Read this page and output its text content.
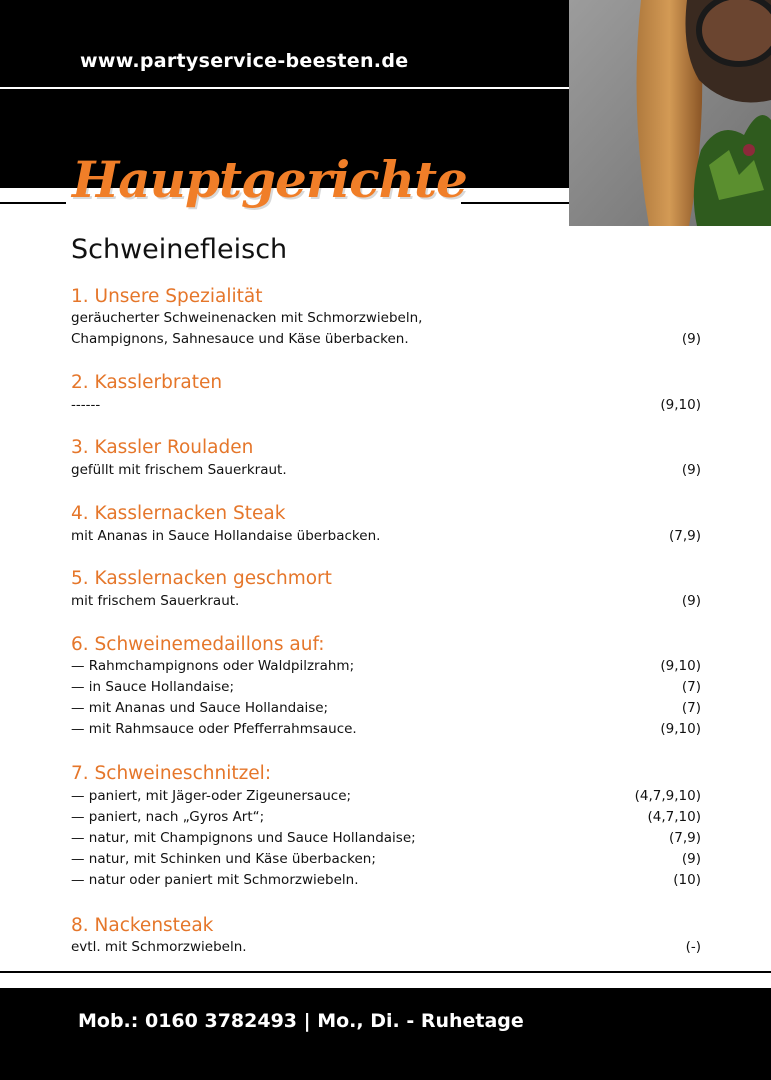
www.partyservice-beesten.de
Hauptgerichte
Schweinefleisch
1. Unsere Spezialität
geräucherter Schweinenacken mit Schmorzwiebeln,
Champignons, Sahnesauce und Käse überbacken.	(9)
2. Kasslerbraten
------	(9,10)
3. Kassler Rouladen
gefüllt mit frischem Sauerkraut.	(9)
4. Kasslernacken Steak
mit Ananas in Sauce Hollandaise überbacken.	(7,9)
5. Kasslernacken geschmort
mit frischem Sauerkraut.	(9)
6. Schweinemedaillons auf:
— Rahmchampignons oder Waldpilzrahm;	(9,10)
— in Sauce Hollandaise;	(7)
— mit Ananas und Sauce Hollandaise;	(7)
— mit Rahmsauce oder Pfefferrahmsauce.	(9,10)
7. Schweineschnitzel:
— paniert, mit Jäger-oder Zigeunersauce;	(4,7,9,10)
— paniert, nach „Gyros Art“;	(4,7,10)
— natur, mit Champignons und Sauce Hollandaise;	(7,9)
— natur, mit Schinken und Käse überbacken;	(9)
— natur oder paniert mit Schmorzwiebeln.	(10)
8. Nackensteak
evtl. mit Schmorzwiebeln.	(-)
Mob.: 0160 3782493 | Mo., Di. - Ruhetage
